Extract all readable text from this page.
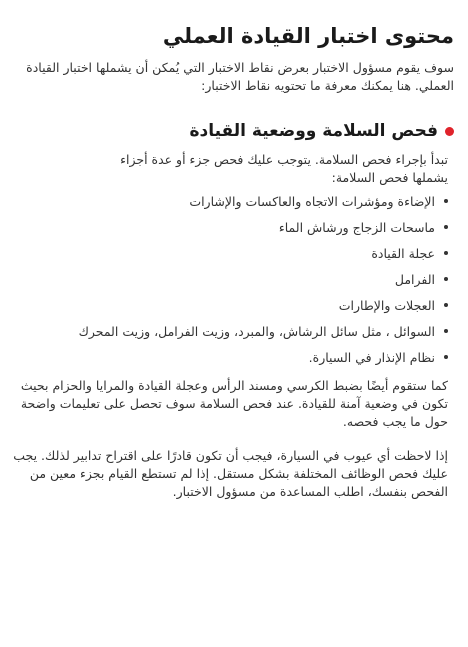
محتوى اختبار القيادة العملي

سوف يقوم مسؤول الاختبار بعرض نقاط الاختبار التي يُمكن أن يشملها اختبار القيادة العملي. هنا يمكنك معرفة ما تحتويه نقاط الاختبار:

فحص السلامة ووضعية القيادة

تبدأ بإجراء فحص السلامة. يتوجب عليك فحص جزء أو عدة أجزاء يشملها فحص السلامة:

الإضاءة ومؤشرات الاتجاه والعاكسات والإشارات
ماسحات الزجاج ورشاش الماء
عجلة القيادة
الفرامل
العجلات والإطارات
السوائل ، مثل سائل الرشاش، والمبرد، وزيت الفرامل، وزيت المحرك
نظام الإنذار في السيارة.

كما ستقوم أيضًا بضبط الكرسي ومسند الرأس وعجلة القيادة والمرايا والحزام بحيث تكون في وضعية آمنة للقيادة. عند فحص السلامة سوف تحصل على تعليمات واضحة حول ما يجب فحصه.

إذا لاحظت أي عيوب في السيارة، فيجب أن تكون قادرًا على اقتراح تدابير لذلك. يجب عليك فحص الوظائف المختلفة بشكل مستقل. إذا لم تستطع القيام بجزء معين من الفحص بنفسك، اطلب المساعدة من مسؤول الاختبار.
